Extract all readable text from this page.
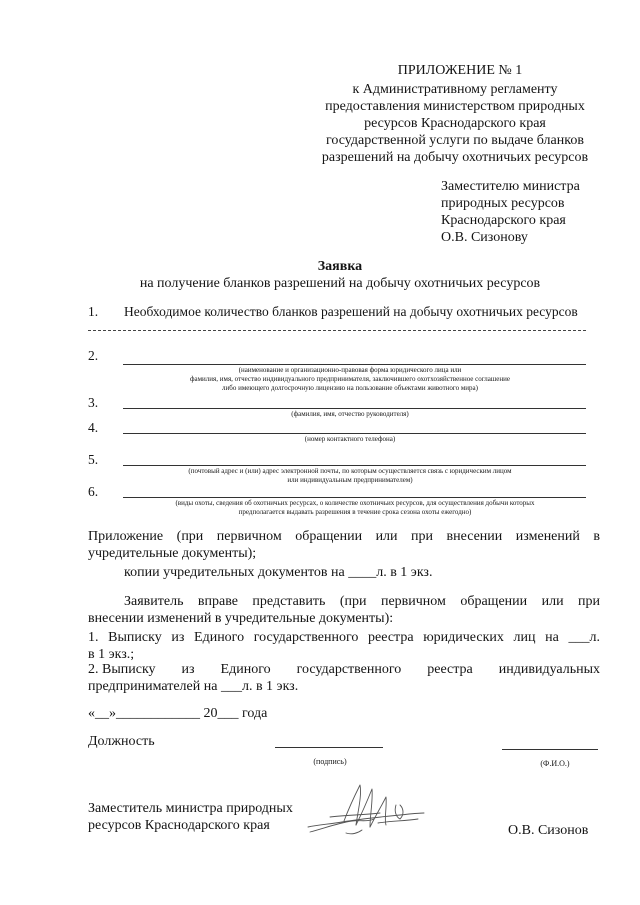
ПРИЛОЖЕНИЕ № 1
к Административному регламенту
предоставления министерством природных
ресурсов Краснодарского края
государственной услуги по выдаче бланков
разрешений на добычу охотничьих ресурсов
Заместителю министра
природных ресурсов
Краснодарского края
О.В. Сизонову
Заявка
на получение бланков разрешений на добычу охотничьих ресурсов
1. Необходимое количество бланков разрешений на добычу охотничьих ресурсов
2.
(наименование и организационно-правовая форма юридического лица или
фамилия, имя, отчество индивидуального предпринимателя, заключившего охотхозяйственное соглашение
либо имеющего долгосрочную лицензию на пользование объектами животного мира)
3.
(фамилия, имя, отчество руководителя)
4.
(номер контактного телефона)
5.
(почтовый адрес и (или) адрес электронной почты, по которым осуществляется связь с юридическим лицом
или индивидуальным предпринимателем)
6.
(виды охоты, сведения об охотничьих ресурсах, о количестве охотничьих ресурсов, для осуществления добычи которых
предполагается выдавать разрешения в течение срока сезона охоты ежегодно)
Приложение (при первичном обращении или при внесении изменений в
учредительные документы);
копии учредительных документов на ____л. в 1 экз.
Заявитель вправе представить (при первичном обращении или при
внесении изменений в учредительные документы):
1. Выписку из Единого государственного реестра юридических лиц на ___л.
в 1 экз.;
2. Выписку из Единого государственного реестра индивидуальных
предпринимателей на ___л. в 1 экз.
«__»____________ 20___ года
Должность
(подпись)	(Ф.И.О.)
Заместитель министра природных
ресурсов Краснодарского края	О.В. Сизонов
